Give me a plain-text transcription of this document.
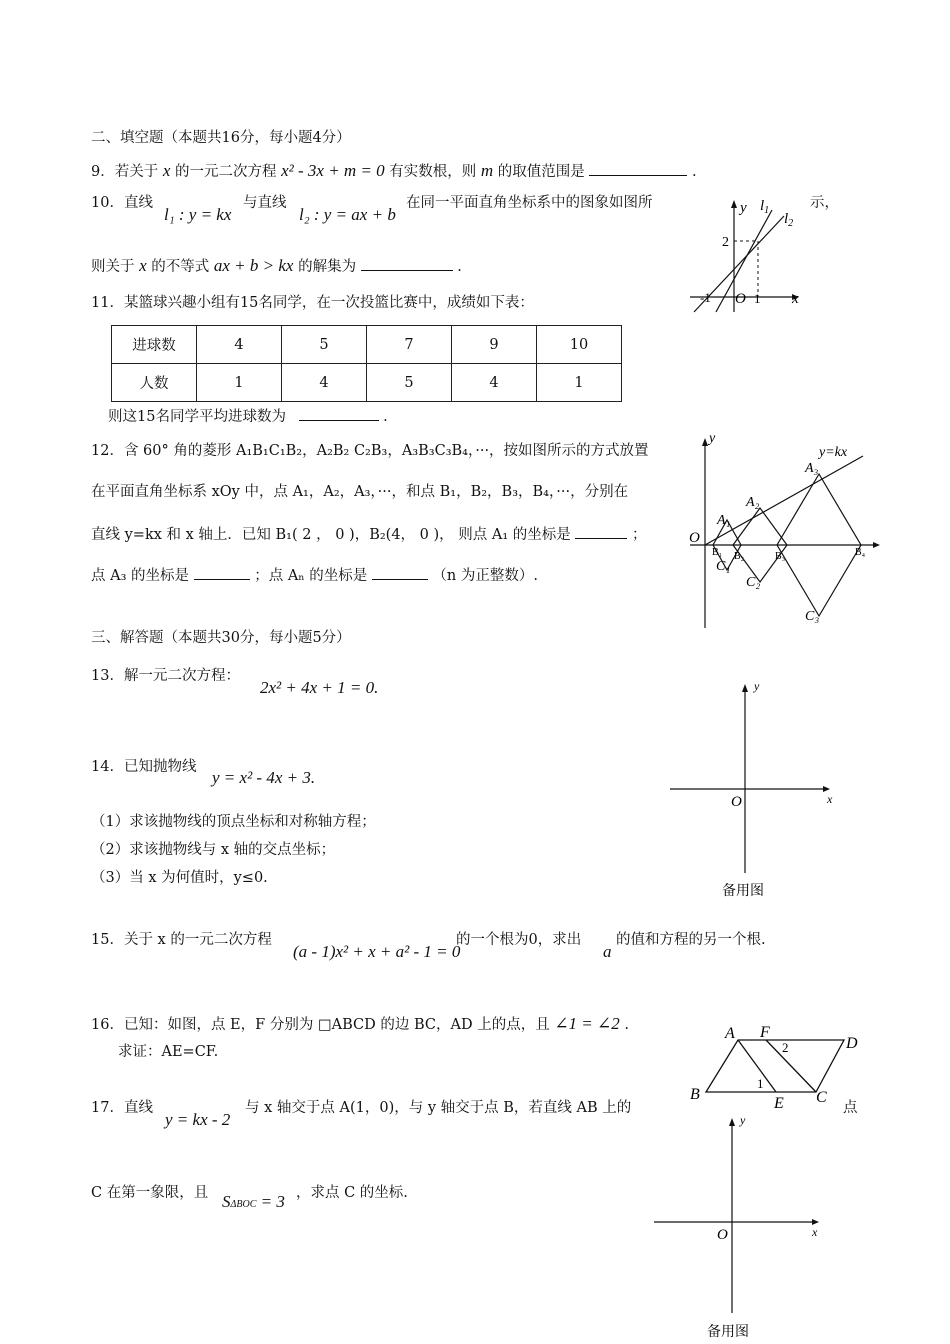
二、填空题（本题共16分，每小题4分）
9．若关于 x 的一元二次方程 x² - 3x + m = 0 有实数根，则 m 的取值范围是	.
10．直线
l₁ : y = kx
与直线
l₂ : y = ax + b
在同一平面直角坐标系中的图象如图所	示，
则关于 x 的不等式 ax + b > kx 的解集为	.
y $l_1$
$l_2$
2
-1 O 1 x
11．某篮球兴趣小组有15名同学，在一次投篮比赛中，成绩如下表：
进球数	4	5	7	9	10
人数	1	4	5	4	1
则这15名同学平均进球数为	.
12．含 60° 角的菱形 A₁B₁C₁B₂，A₂B₂ C₂B₃，A₃B₃C₃B₄，···，按如图所示的方式放置
在平面直角坐标系 xOy 中，点 A₁，A₂，A₃，···，和点 B₁，B₂，B₃，B₄，···，分别在
直线 y=kx 和 x 轴上．已知 B₁( 2 ， 0 )，B₂(4， 0 )， 则点 A₁ 的坐标是	；
点 A₃ 的坐标是	；点 Aₙ 的坐标是	（n 为正整数）.
y
y=kx
O
A₁
A₂
A₃
B₁ B₂	B₃	B₄
C₁
C₂
C₃
三、解答题（本题共30分，每小题5分）
13．解一元二次方程：
2x² + 4x + 1 = 0.
14．已知抛物线
y = x² - 4x + 3.
（1）求该抛物线的顶点坐标和对称轴方程；
（2）求该抛物线与 x 轴的交点坐标；
（3）当 x 为何值时，y≤0.
y
O	x
备用图
15．关于 x 的一元二次方程
(a - 1)x² + x + a² - 1 = 0
的一个根为0，求出
a
的值和方程的另一个根.
16．已知：如图，点 E，F 分别为 □ABCD 的边 BC，AD 上的点，且 ∠1 = ∠2 .
求证：AE=CF.
A F
D
B
E C
1
2
17．直线
y = kx - 2
与 x 轴交于点 A(1，0)，与 y 轴交于点 B，若直线 AB 上的	点
C 在第一象限，且 SΔBOC = 3 ，求点 C 的坐标.
y
O	x
备用图
